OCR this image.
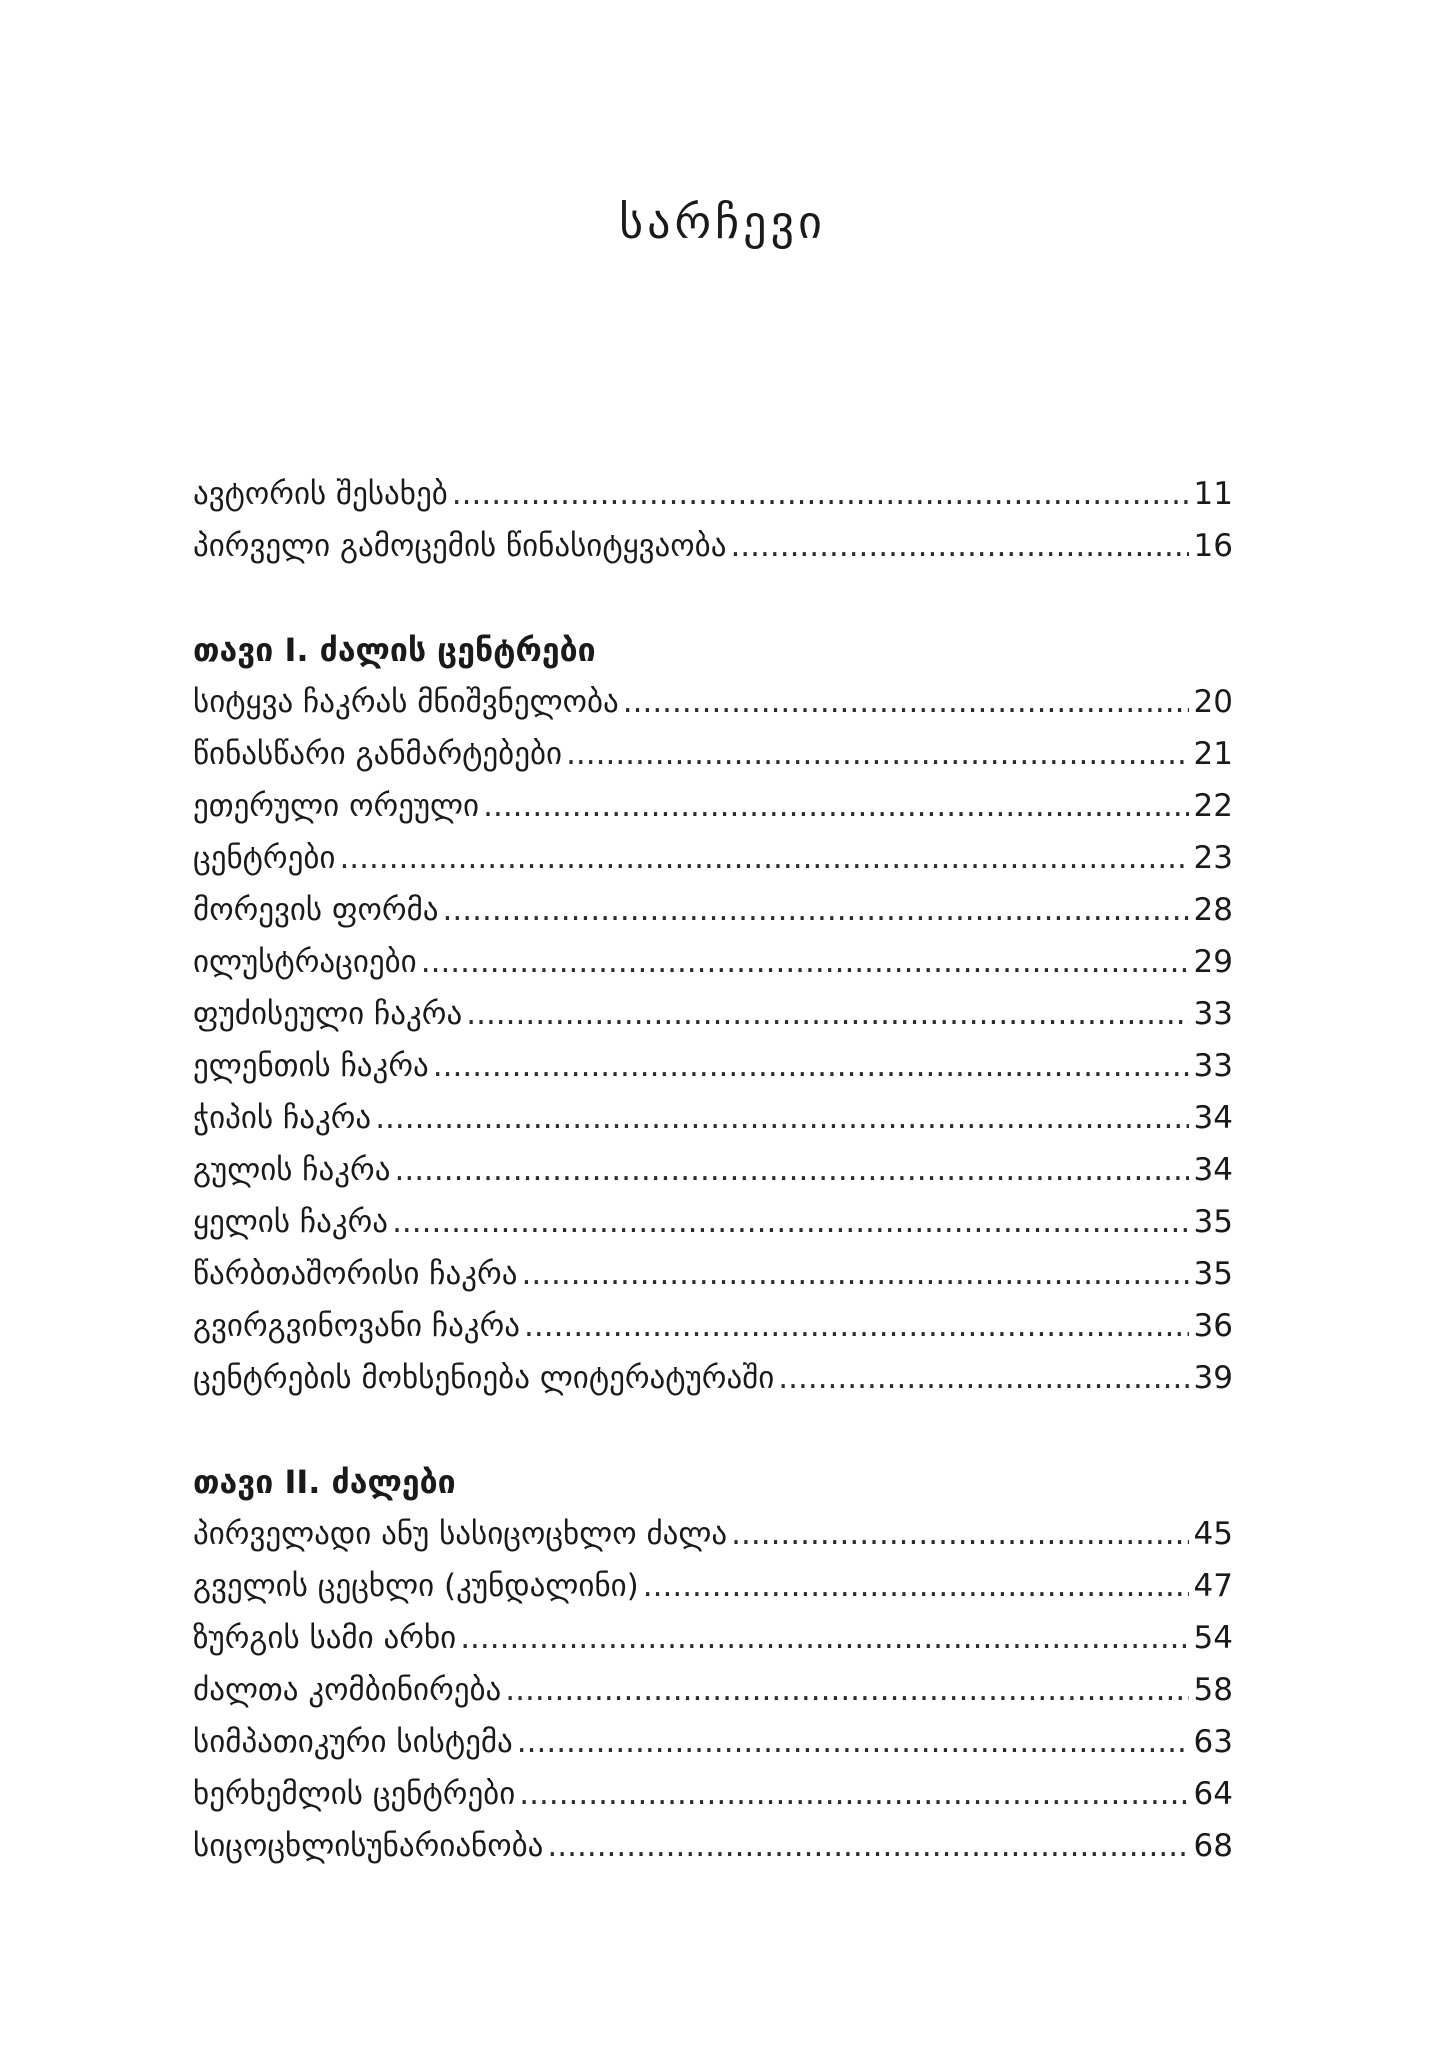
სარჩევი
ავტორის შესახებ .....	11
პირველი გამოცემის წინასიტყვაობა .....	16
თავი I. ძალის ცენტრები
სიტყვა ჩაკრას მნიშვნელობა .....	20
წინასწარი განმარტებები .....	21
ეთერული ორეული .....	22
ცენტრები .....	23
მორევის ფორმა .....	28
ილუსტრაციები .....	29
ფუძისეული ჩაკრა .....	33
ელენთის ჩაკრა .....	33
ჭიპის ჩაკრა .....	34
გულის ჩაკრა .....	34
ყელის ჩაკრა .....	35
წარბთაშორისი ჩაკრა .....	35
გვირგვინოვანი ჩაკრა .....	36
ცენტრების მოხსენიება ლიტერატურაში .....	39
თავი II. ძალები
პირველადი ანუ სასიცოცხლო ძალა .....	45
გველის ცეცხლი (კუნდალინი) .....	47
ზურგის სამი არხი .....	54
ძალთა კომბინირება .....	58
სიმპათიკური სისტემა .....	63
ხერხემლის ცენტრები .....	64
სიცოცხლისუნარიანობა .....	68
